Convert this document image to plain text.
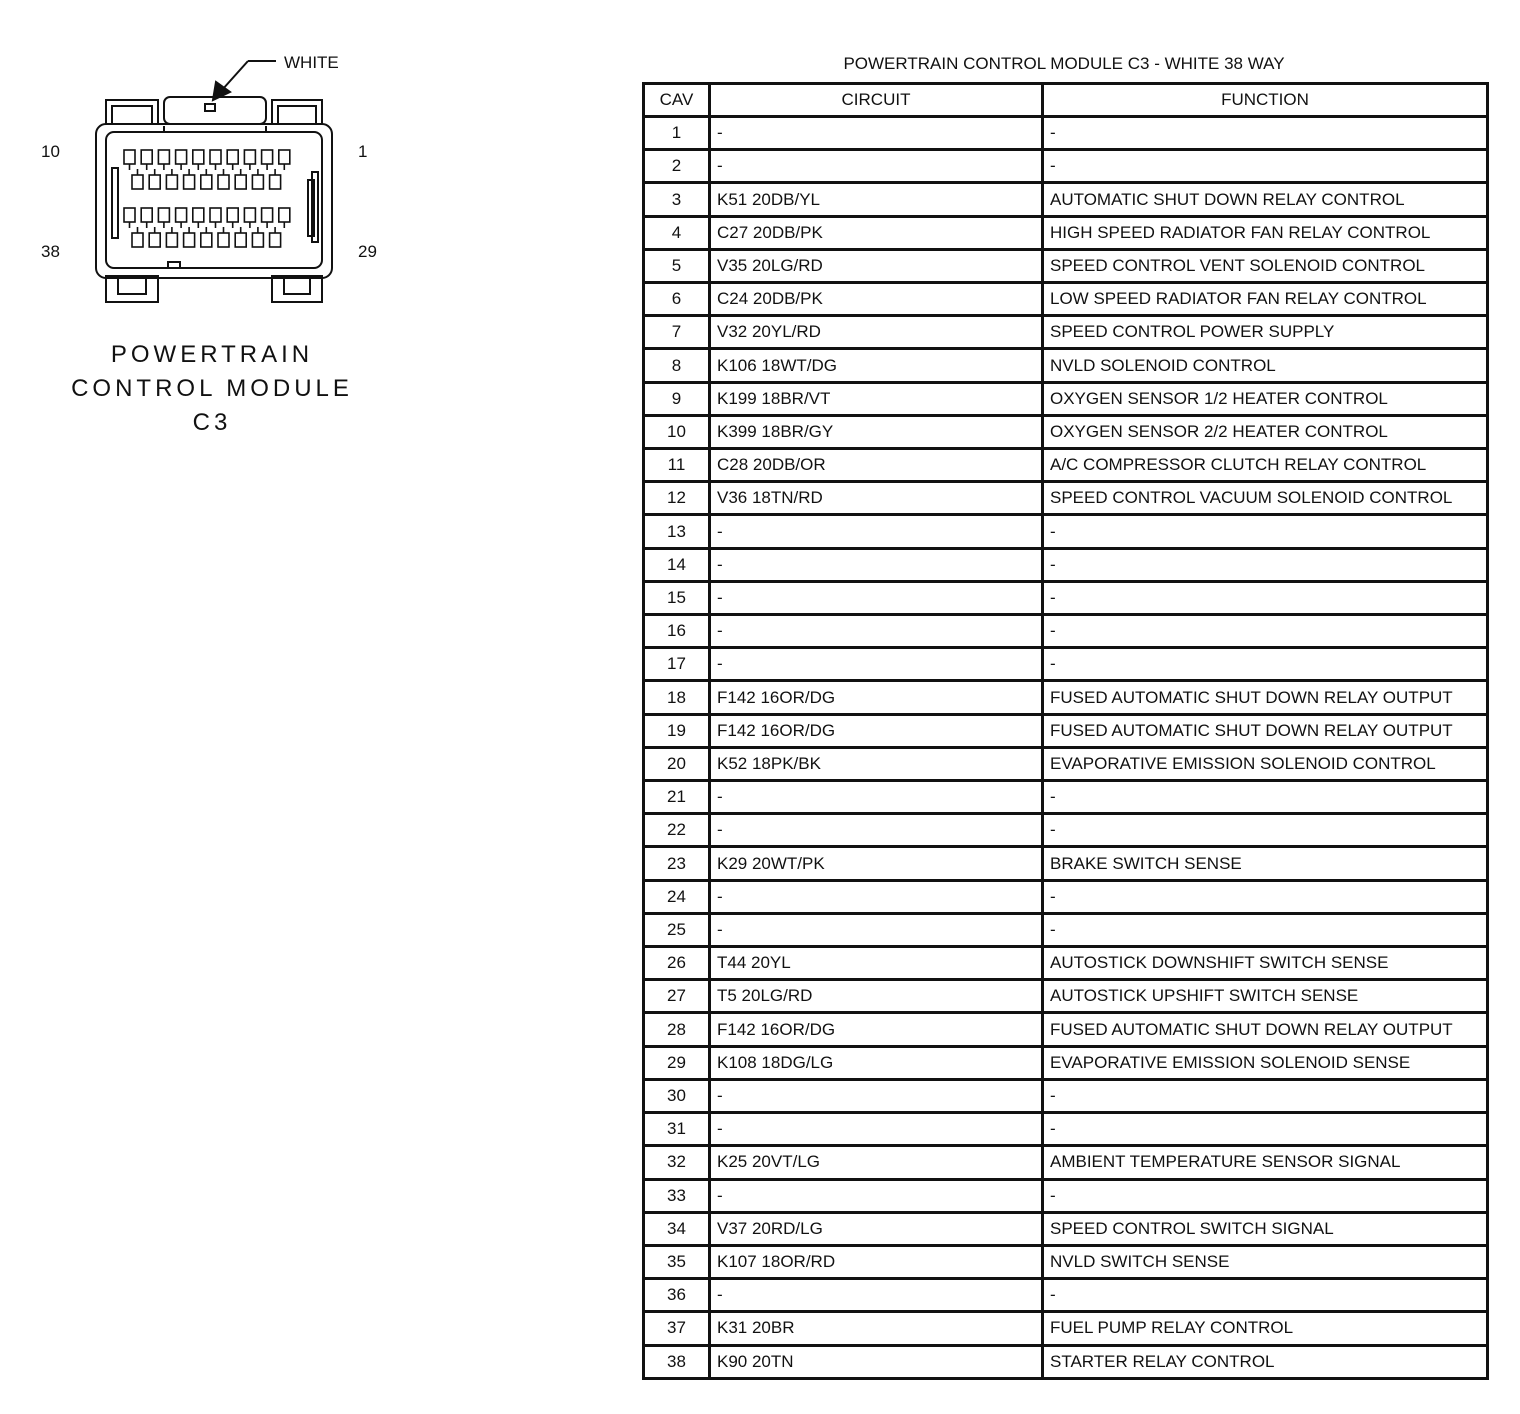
WHITE
10	1
38	29
POWERTRAIN
CONTROL MODULE
C3
POWERTRAIN CONTROL MODULE C3 - WHITE 38 WAY
CAV	CIRCUIT	FUNCTION
1	-	-
2	-	-
3	K51 20DB/YL	AUTOMATIC SHUT DOWN RELAY CONTROL
4	C27 20DB/PK	HIGH SPEED RADIATOR FAN RELAY CONTROL
5	V35 20LG/RD	SPEED CONTROL VENT SOLENOID CONTROL
6	C24 20DB/PK	LOW SPEED RADIATOR FAN RELAY CONTROL
7	V32 20YL/RD	SPEED CONTROL POWER SUPPLY
8	K106 18WT/DG	NVLD SOLENOID CONTROL
9	K199 18BR/VT	OXYGEN SENSOR 1/2 HEATER CONTROL
10	K399 18BR/GY	OXYGEN SENSOR 2/2 HEATER CONTROL
11	C28 20DB/OR	A/C COMPRESSOR CLUTCH RELAY CONTROL
12	V36 18TN/RD	SPEED CONTROL VACUUM SOLENOID CONTROL
13	-	-
14	-	-
15	-	-
16	-	-
17	-	-
18	F142 16OR/DG	FUSED AUTOMATIC SHUT DOWN RELAY OUTPUT
19	F142 16OR/DG	FUSED AUTOMATIC SHUT DOWN RELAY OUTPUT
20	K52 18PK/BK	EVAPORATIVE EMISSION SOLENOID CONTROL
21	-	-
22	-	-
23	K29 20WT/PK	BRAKE SWITCH SENSE
24	-	-
25	-	-
26	T44 20YL	AUTOSTICK DOWNSHIFT SWITCH SENSE
27	T5 20LG/RD	AUTOSTICK UPSHIFT SWITCH SENSE
28	F142 16OR/DG	FUSED AUTOMATIC SHUT DOWN RELAY OUTPUT
29	K108 18DG/LG	EVAPORATIVE EMISSION SOLENOID SENSE
30	-	-
31	-	-
32	K25 20VT/LG	AMBIENT TEMPERATURE SENSOR SIGNAL
33	-	-
34	V37 20RD/LG	SPEED CONTROL SWITCH SIGNAL
35	K107 18OR/RD	NVLD SWITCH SENSE
36	-	-
37	K31 20BR	FUEL PUMP RELAY CONTROL
38	K90 20TN	STARTER RELAY CONTROL
